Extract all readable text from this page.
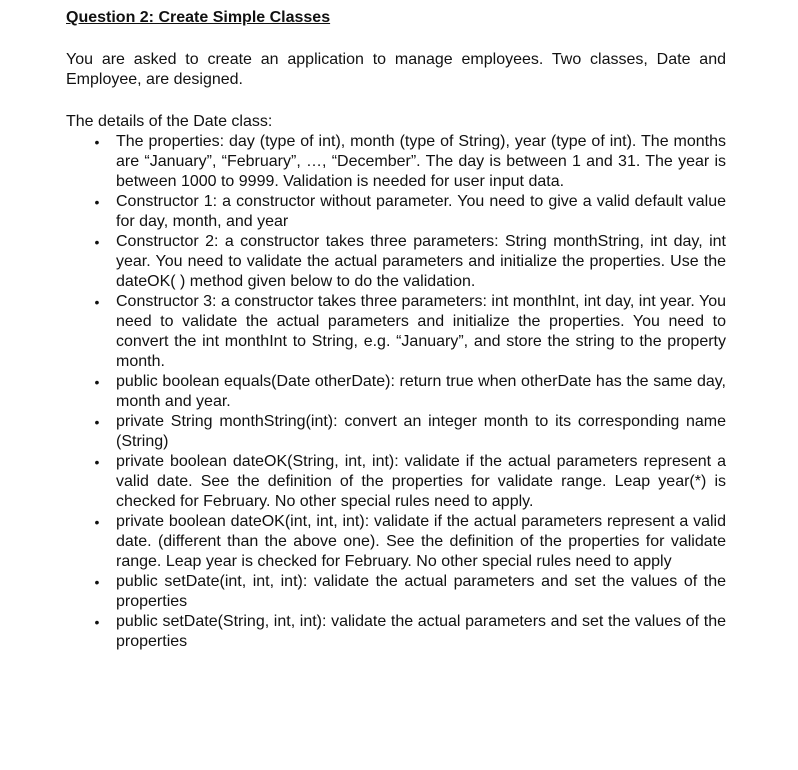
Question 2: Create Simple Classes

You are asked to create an application to manage employees. Two classes, Date and Employee, are designed.

The details of the Date class:

• The properties: day (type of int), month (type of String), year (type of int). The months are “January”, “February”, …, “December”. The day is between 1 and 31. The year is between 1000 to 9999. Validation is needed for user input data.
• Constructor 1: a constructor without parameter. You need to give a valid default value for day, month, and year
• Constructor 2: a constructor takes three parameters: String monthString, int day, int year. You need to validate the actual parameters and initialize the properties. Use the dateOK( ) method given below to do the validation.
• Constructor 3: a constructor takes three parameters: int monthInt, int day, int year. You need to validate the actual parameters and initialize the properties. You need to convert the int monthInt to String, e.g. “January”, and store the string to the property month.
• public boolean equals(Date otherDate): return true when otherDate has the same day, month and year.
• private String monthString(int): convert an integer month to its corresponding name (String)
• private boolean dateOK(String, int, int): validate if the actual parameters represent a valid date. See the definition of the properties for validate range. Leap year(*) is checked for February. No other special rules need to apply.
• private boolean dateOK(int, int, int): validate if the actual parameters represent a valid date. (different than the above one). See the definition of the properties for validate range. Leap year is checked for February. No other special rules need to apply
• public setDate(int, int, int): validate the actual parameters and set the values of the properties
• public setDate(String, int, int): validate the actual parameters and set the values of the properties
